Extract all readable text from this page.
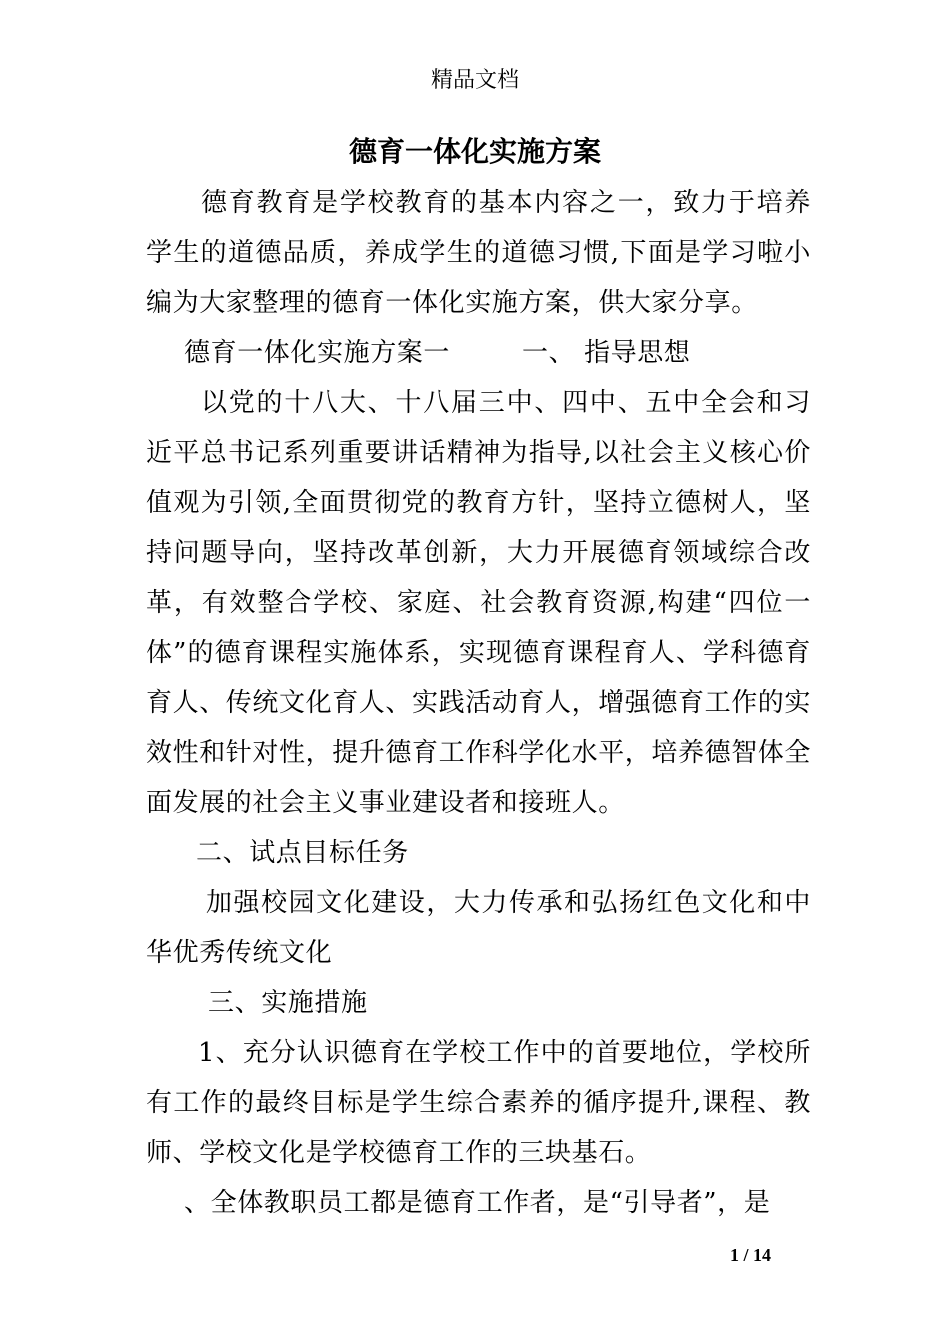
精品文档
德育一体化实施方案

德育教育是学校教育的基本内容之一，致力于培养学生的道德品质，养成学生的道德习惯,下面是学习啦小编为大家整理的德育一体化实施方案，供大家分享。

德育一体化实施方案一	一、 指导思想

以党的十八大、十八届三中、四中、五中全会和习近平总书记系列重要讲话精神为指导,以社会主义核心价值观为引领,全面贯彻党的教育方针，坚持立德树人，坚持问题导向，坚持改革创新，大力开展德育领域综合改革，有效整合学校、家庭、社会教育资源,构建“四位一体”的德育课程实施体系，实现德育课程育人、学科德育育人、传统文化育人、实践活动育人，增强德育工作的实效性和针对性，提升德育工作科学化水平，培养德智体全面发展的社会主义事业建设者和接班人。

二、试点目标任务

加强校园文化建设，大力传承和弘扬红色文化和中华优秀传统文化

三、实施措施

1、充分认识德育在学校工作中的首要地位，学校所有工作的最终目标是学生综合素养的循序提升,课程、教师、学校文化是学校德育工作的三块基石。

、全体教职员工都是德育工作者，是“引导者”，是

1 / 14
